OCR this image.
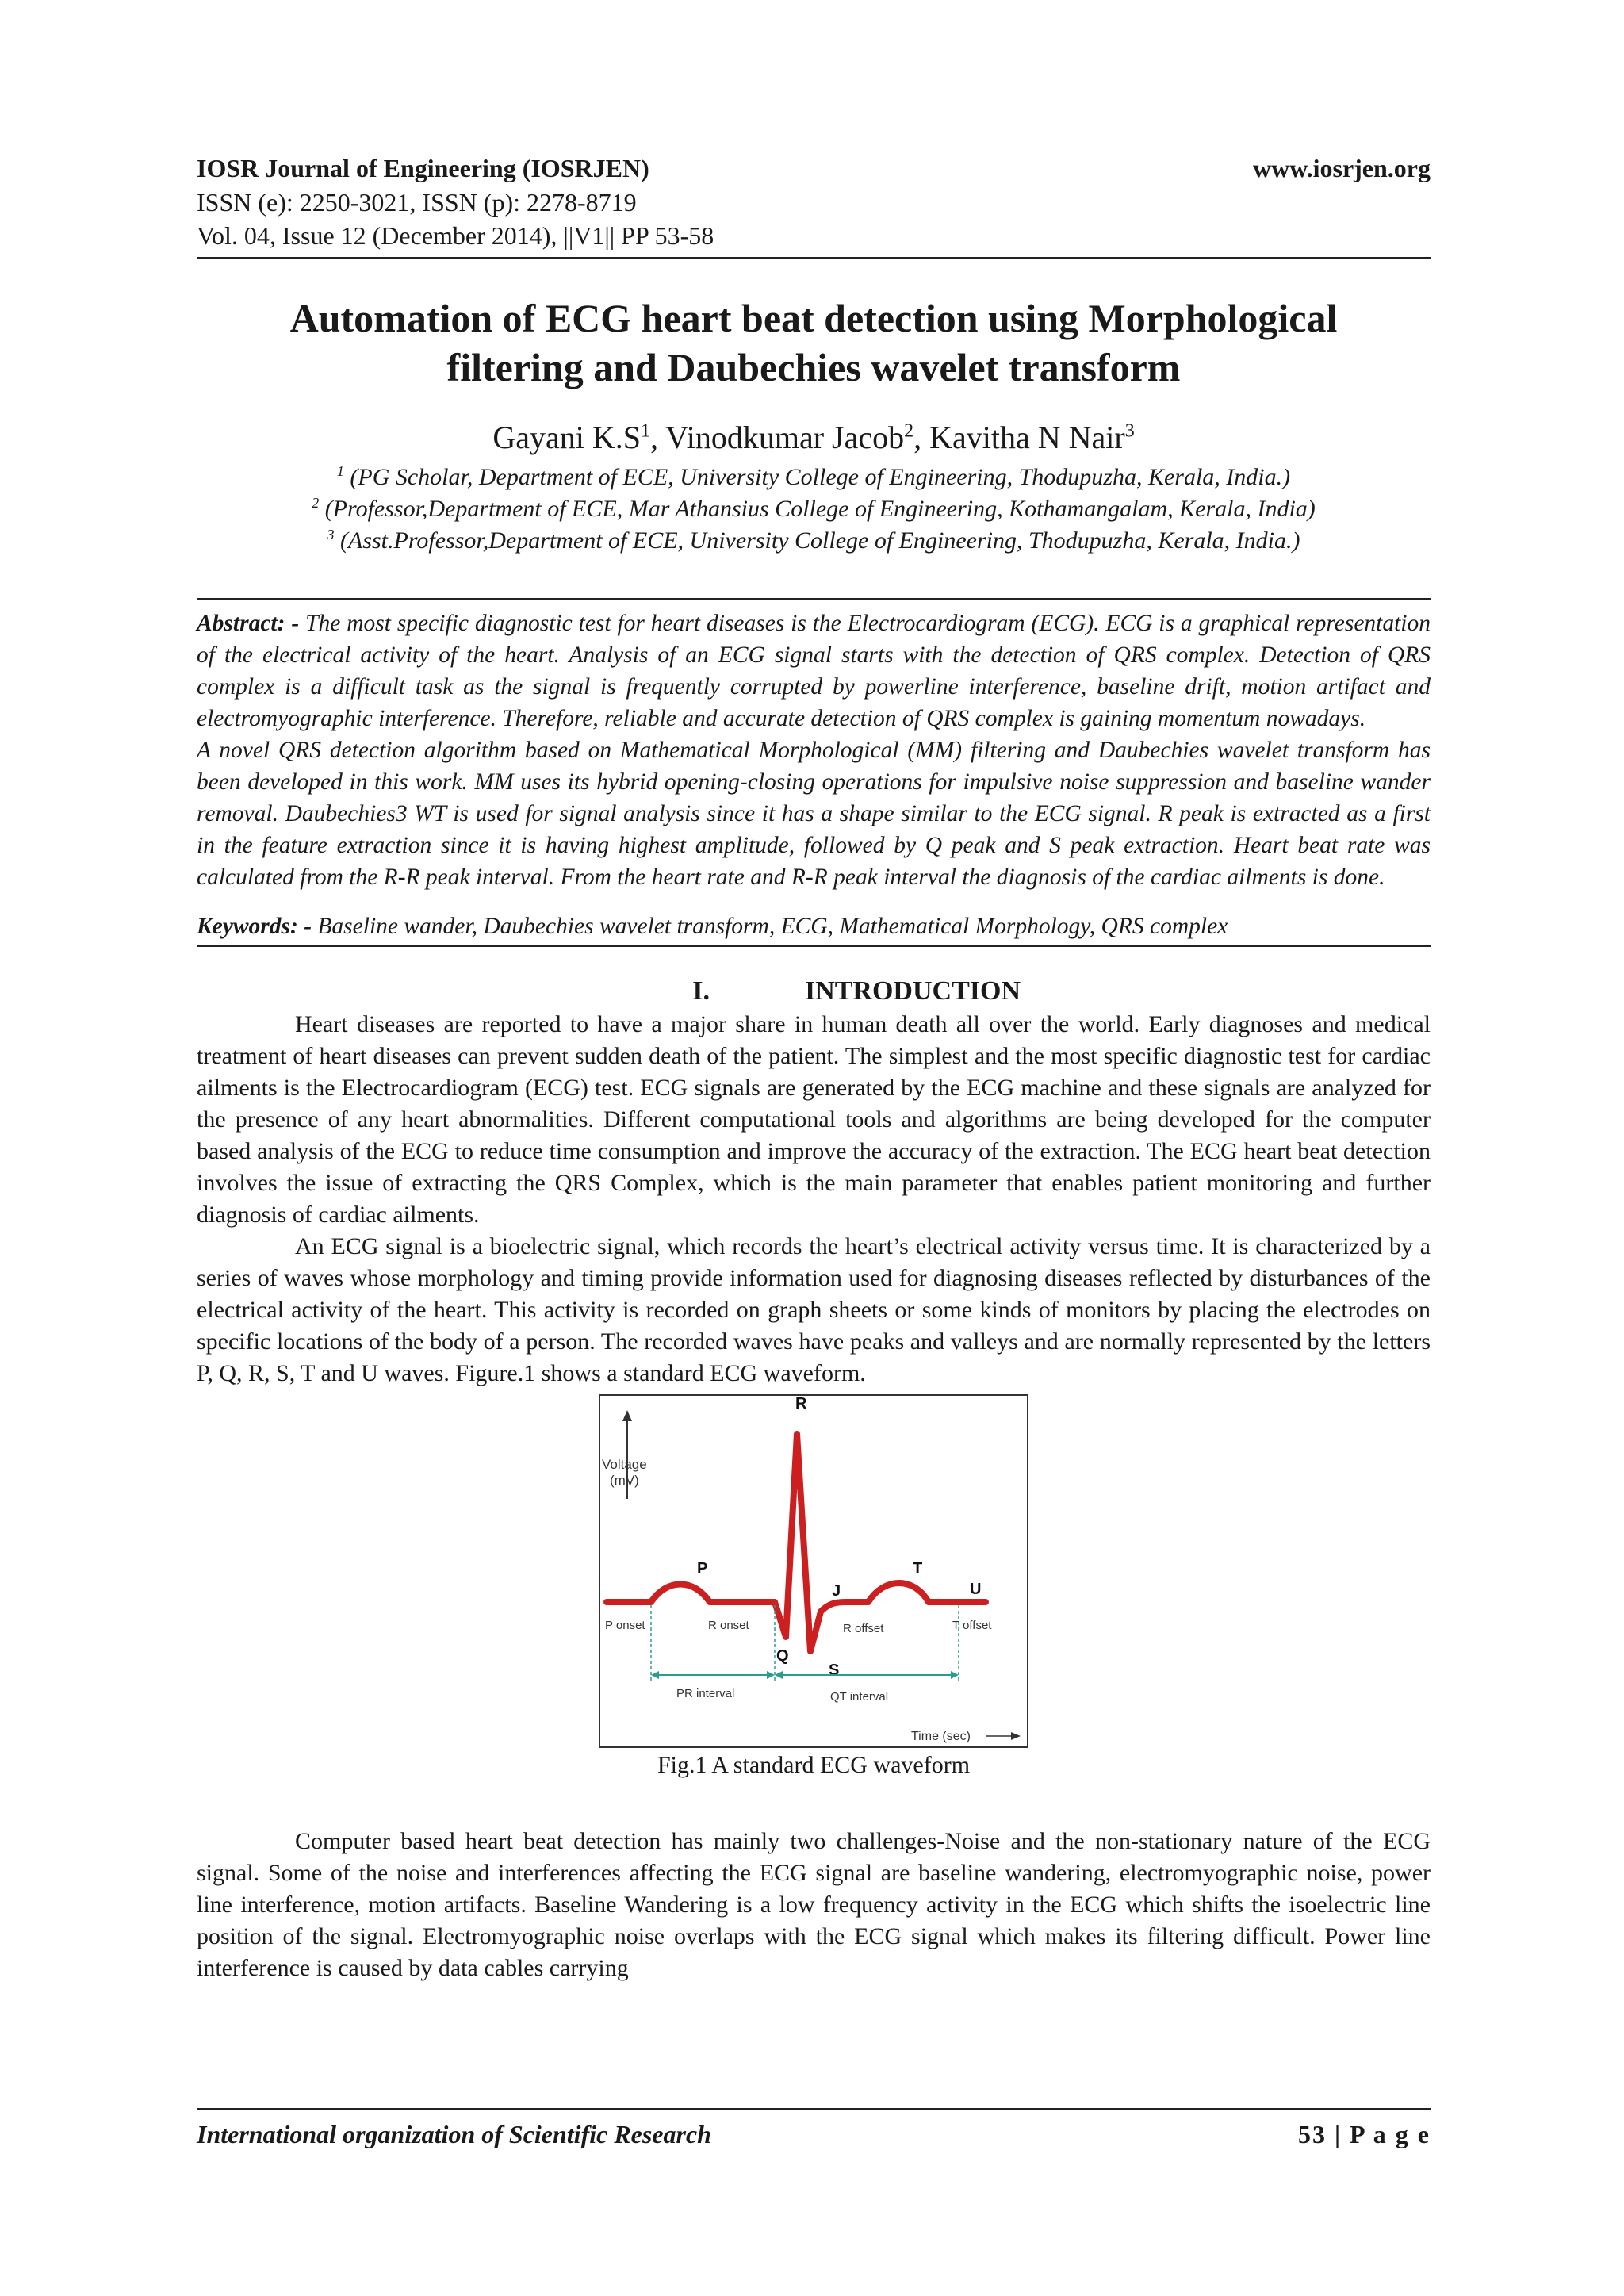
IOSR Journal of Engineering (IOSRJEN)	www.iosrjen.org
ISSN (e): 2250-3021, ISSN (p): 2278-8719
Vol. 04, Issue 12 (December 2014), ||V1|| PP 53-58
Automation of ECG heart beat detection using Morphological
filtering and Daubechies wavelet transform
Gayani $K.S^1$, Vinodkumar Jacob$^2$, Kavitha N Nair$^3$
$^1$ (PG Scholar, Department of ECE, University College of Engineering, Thodupuzha, Kerala, India.)
$^2$ (Professor,Department of ECE, Mar Athansius College of Engineering, Kothamangalam, Kerala, India)
$^3$ (Asst.Professor,Department of ECE, University College of Engineering, Thodupuzha, Kerala, India.)

Abstract: - The most specific diagnostic test for heart diseases is the Electrocardiogram (ECG). ECG is a graphical representation of the electrical activity of the heart. Analysis of an ECG signal starts with the detection of QRS complex. Detection of QRS complex is a difficult task as the signal is frequently corrupted by powerline interference, baseline drift, motion artifact and electromyographic interference. Therefore, reliable and accurate detection of QRS complex is gaining momentum nowadays.

A novel QRS detection algorithm based on Mathematical Morphological (MM) filtering and Daubechies wavelet transform has been developed in this work. MM uses its hybrid opening-closing operations for impulsive noise suppression and baseline wander removal. Daubechies3 WT is used for signal analysis since it has a shape similar to the ECG signal. R peak is extracted as a first in the feature extraction since it is having highest amplitude, followed by Q peak and S peak extraction. Heart beat rate was calculated from the R-R peak interval. From the heart rate and R-R peak interval the diagnosis of the cardiac ailments is done.

Keywords: - Baseline wander, Daubechies wavelet transform, ECG, Mathematical Morphology, QRS complex
I.	INTRODUCTION

Heart diseases are reported to have a major share in human death all over the world. Early diagnoses and medical treatment of heart diseases can prevent sudden death of the patient. The simplest and the most specific diagnostic test for cardiac ailments is the Electrocardiogram (ECG) test. ECG signals are generated by the ECG machine and these signals are analyzed for the presence of any heart abnormalities. Different computational tools and algorithms are being developed for the computer based analysis of the ECG to reduce time consumption and improve the accuracy of the extraction. The ECG heart beat detection involves the issue of extracting the QRS Complex, which is the main parameter that enables patient monitoring and further diagnosis of cardiac ailments.

An ECG signal is a bioelectric signal, which records the heart’s electrical activity versus time. It is characterized by a series of waves whose morphology and timing provide information used for diagnosing diseases reflected by disturbances of the electrical activity of the heart. This activity is recorded on graph sheets or some kinds of monitors by placing the electrodes on specific locations of the body of a person. The recorded waves have peaks and valleys and are normally represented by the letters P, Q, R, S, T and U waves. Figure.1 shows a standard ECG waveform.

Voltage
(mV)
P
R
Q
J
S
T
U
P onset	R onset	R offset	T offset
PR interval	QT interval
Time (sec)
Fig.1 A standard ECG waveform

Computer based heart beat detection has mainly two challenges-Noise and the non-stationary nature of the ECG signal. Some of the noise and interferences affecting the ECG signal are baseline wandering, electromyographic noise, power line interference, motion artifacts. Baseline Wandering is a low frequency activity in the ECG which shifts the isoelectric line position of the signal. Electromyographic noise overlaps with the ECG signal which makes its filtering difficult. Power line interference is caused by data cables carrying

International organization of Scientific Research	53 | P a g e
